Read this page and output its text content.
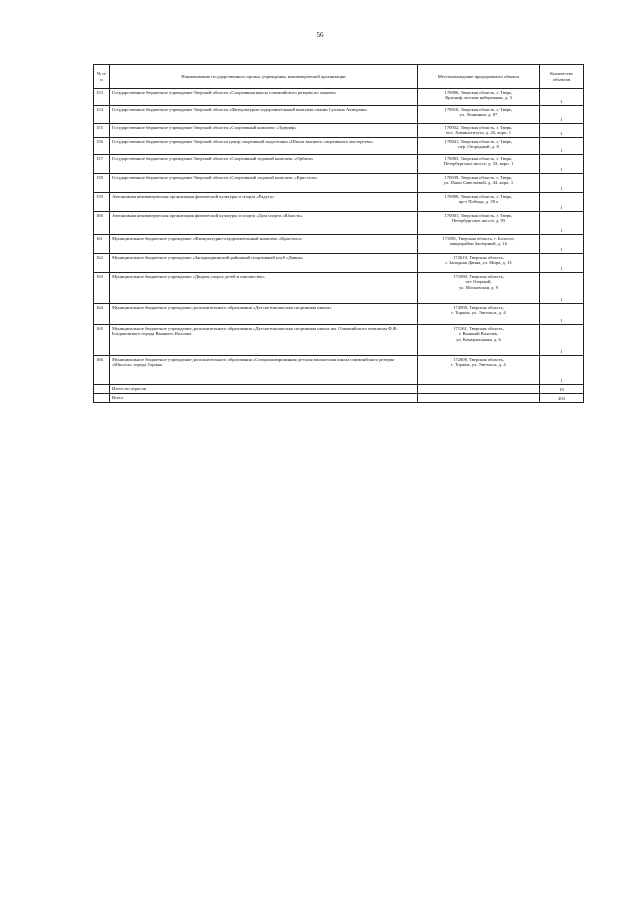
56
№ п/п	Наименование государственного органа, учреждения, некоммерческой организации	Местонахождение придорожного объекта	Количество объектов
153	Государственное бюджетное учреждение Тверской области «Спортивная школа олимпийского резерва по хоккею»	170006, Тверская область, г. Тверь,
Красноф лотская набережная, д. 3	1
154	Государственное бюджетное учреждение Тверской области «Физкультурно-оздоровительный комплекс имени Султана Ахмерова»	170016, Тверская область, г. Тверь,
ул. Ленинина, д. 87	1
155	Государственное бюджетное учреждение Тверской области «Спортивный комплекс «Триумф»	170032, Тверская область, г. Тверь,
пос. Химинститута, д. 45, корп. 1	1
156	Государственное бюджетное учреждение Тверской области центр спортивной подготовки «Школа высшего спортивного мастерства»	170041, Тверская область, г. Тверь,
пер. Огородный, д. 8	1
157	Государственное бюджетное учреждение Тверской области «Спортивный ледовый комплекс «Орбита»	170003, Тверская область, г. Тверь,
Петербургское шоссе, д. 33, корп. 1	1
158	Государственное бюджетное учреждение Тверской области «Спортивный ледовый комплекс «Кристалл»	170039, Тверская область, г. Тверь,
ул. Паши Савельевой, д. 44, корп. 1	1
159	Автономная некоммерческая организация физической культуры и спорта «Радуга»	170008, Тверская область, г. Тверь,
пр-т Победы, д. 39 а	1
160	Автономная некоммерческая организация физической культуры и спорта «Дом спорта «Юность»	170001, Тверская область, г. Тверь,
Петербургское шоссе, д. 95	1
161	Муниципальное бюджетное учреждение «Физкультурно-оздоровительный комплекс «Кристалл»	171081, Тверская область, г. Бологое,
микрорайон Заозерный, д. 16	1
162	Муниципальное бюджетное учреждение «Западнодвинский районный спортивный клуб «Двина»	172610, Тверская область,
г. Западная Двина, ул. Мира, д. 13	1
163	Муниципальное бюджетное учреждение «Дворец спорта детей и юношества»	171090, Тверская область,
пгт Озерный,
ул. Московская, д. 9	1
164	Муниципальное бюджетное учреждение дополнительного образования «Детско-юношеская спортивная школа»	172008, Тверская область,
г. Торжок, ул. Энгельса, д. 4	1
165	Муниципальное бюджетное учреждение дополнительного образования «Детско-юношеская спортивная школа им. Олимпийского чемпиона Ф.Ф. Богдановского города Вышнего Волочка	171161, Тверская область,
г. Вышний Волочек,
ул. Коммунальная, д. 6	1
166	Муниципальное бюджетное учреждение дополнительного образования «Специализированная детская юношеская школа олимпийского резерва «Юность» города Торжка	172008, Тверская область,
г. Торжок, ул. Энгельса, д. 4	1
	Итого по отрасли		19
	Всего		203
